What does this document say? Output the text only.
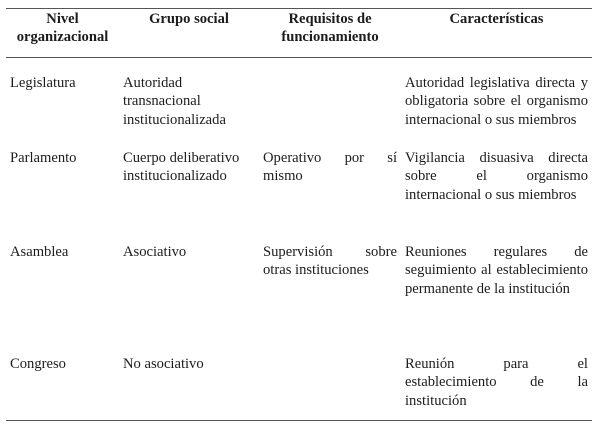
Nivel organizacional	Grupo social	Requisitos de funcionamiento	Características
Legislatura	Autoridad transnacional institucionalizada		Autoridad legislativa directa y obligatoria sobre el organismo internacional o sus miembros
Parlamento	Cuerpo deliberativo institucionalizado	Operativo por sí mismo	Vigilancia disuasiva directa sobre el organismo internacional o sus miembros
Asamblea	Asociativo	Supervisión sobre otras instituciones	Reuniones regulares de seguimiento al establecimiento permanente de la institución
Congreso	No asociativo		Reunión para el establecimiento de la institución
